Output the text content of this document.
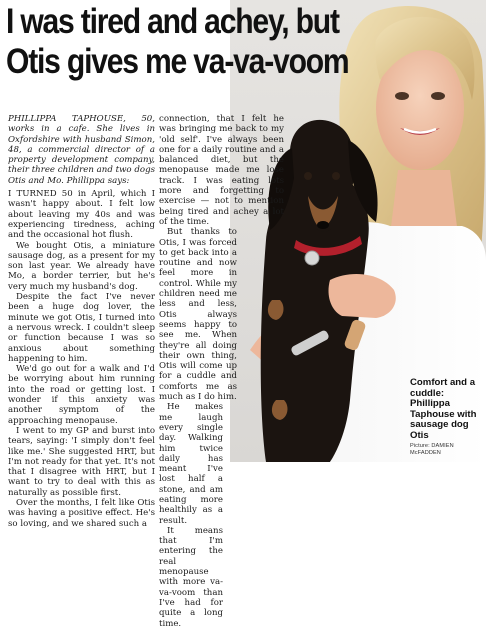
I was tired and achey, but
Otis gives me va-va-voom

PHILLIPPA TAPHOUSE, 50, works in a cafe. She lives in Oxfordshire with husband Simon, 48, a commercial director of a property development company, their three children and two dogs Otis and Mo. Phillippa says:

I TURNED 50 in April, which I wasn't happy about. I felt low about leaving my 40s and was experiencing tiredness, aching and the occasional hot flush.

We bought Otis, a miniature sausage dog, as a present for my son last year. We already have Mo, a border terrier, but he's very much my husband's dog.

Despite the fact I've never been a huge dog lover, the minute we got Otis, I turned into a nervous wreck. I couldn't sleep or function because I was so anxious about something happening to him.

We'd go out for a walk and I'd be worrying about him running into the road or getting lost. I wonder if this anxiety was another symptom of the approaching menopause.

I went to my GP and burst into tears, saying: 'I simply don't feel like me.' She suggested HRT, but I'm not ready for that yet. It's not that I disagree with HRT, but I want to try to deal with this as naturally as possible first.

Over the months, I felt like Otis was having a positive effect. He's so loving, and we shared such a

connection, that I felt he was bringing me back to my 'old self'. I've always been one for a daily routine and a balanced diet, but the menopause made me lose track. I was eating lots more and forgetting to exercise — not to mention being tired and achey a lot of the time.

But thanks to Otis, I was forced to get back into a routine and now feel more in control. While my children need me less and less, Otis always seems happy to see me. When they're all doing their own thing, Otis will come up for a cuddle and comforts me as much as I do him.

He makes me laugh every single day. Walking him twice daily has meant I've lost half a stone, and am eating more healthily as a result.

It means that I'm entering the real menopause with more va-va-voom than I've had for quite a long time.

Comfort and a cuddle: Phillippa Taphouse with sausage dog Otis
Picture: DAMIEN McFADDEN
